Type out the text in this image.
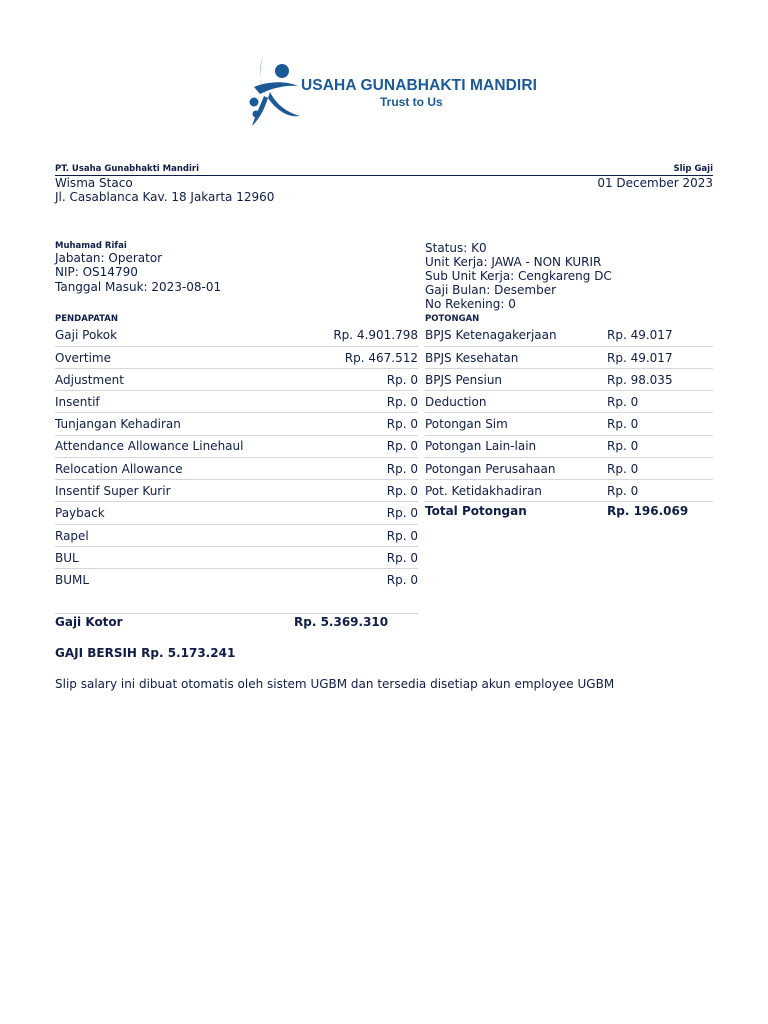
USAHA GUNABHAKTI MANDIRI
Trust to Us
PT. Usaha Gunabhakti Mandiri	Slip Gaji
Wisma Staco	01 December 2023
Jl. Casablanca Kav. 18 Jakarta 12960
Muhamad Rifai
Jabatan: Operator
NIP: OS14790
Tanggal Masuk: 2023-08-01
Status: K0
Unit Kerja: JAWA - NON KURIR
Sub Unit Kerja: Cengkareng DC
Gaji Bulan: Desember
No Rekening: 0
PENDAPATAN	POTONGAN
Gaji Pokok	Rp. 4.901.798
Overtime	Rp. 467.512
Adjustment	Rp. 0
Insentif	Rp. 0
Tunjangan Kehadiran	Rp. 0
Attendance Allowance Linehaul	Rp. 0
Relocation Allowance	Rp. 0
Insentif Super Kurir	Rp. 0
Payback	Rp. 0
Rapel	Rp. 0
BUL	Rp. 0
BUML	Rp. 0
BPJS Ketenagakerjaan	Rp. 49.017
BPJS Kesehatan	Rp. 49.017
BPJS Pensiun	Rp. 98.035
Deduction	Rp. 0
Potongan Sim	Rp. 0
Potongan Lain-lain	Rp. 0
Potongan Perusahaan	Rp. 0
Pot. Ketidakhadiran	Rp. 0
Total Potongan	Rp. 196.069
Gaji Kotor	Rp. 5.369.310
GAJI BERSIH Rp. 5.173.241
Slip salary ini dibuat otomatis oleh sistem UGBM dan tersedia disetiap akun employee UGBM
